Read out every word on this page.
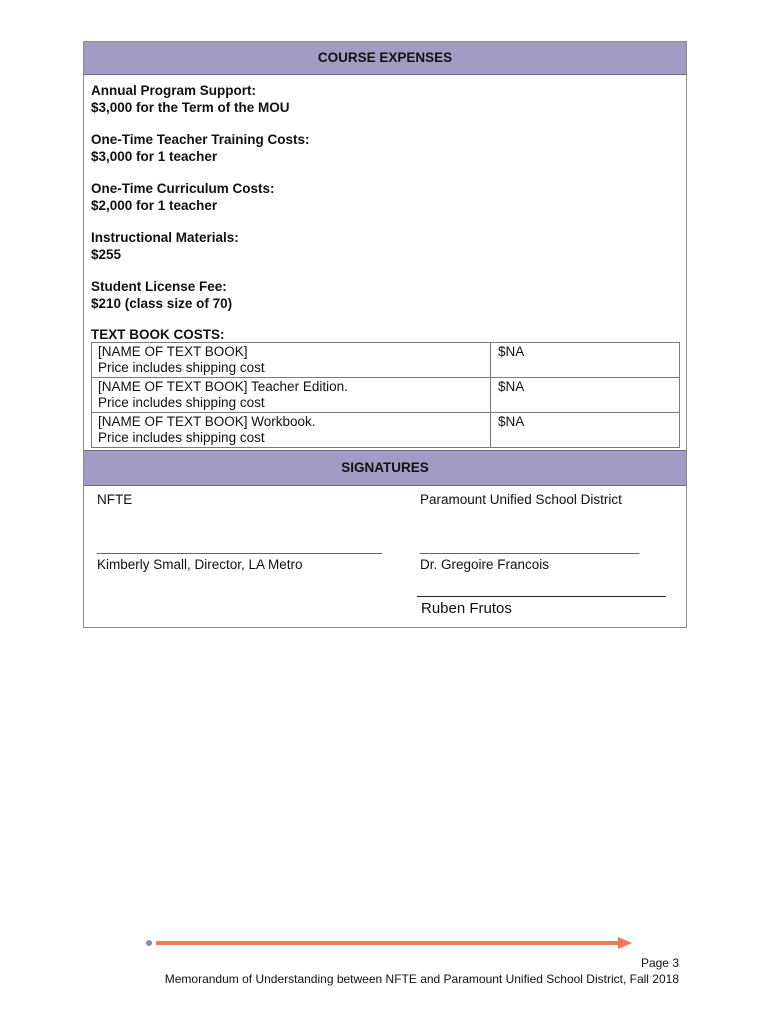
COURSE EXPENSES
Annual Program Support:
$3,000 for the Term of the MOU
One-Time Teacher Training Costs:
$3,000 for 1 teacher
One-Time Curriculum Costs:
$2,000 for 1 teacher
Instructional Materials:
$255
Student License Fee:
$210 (class size of 70)
TEXT BOOK COSTS:
[NAME OF TEXT BOOK]
Price includes shipping cost	$NA

[NAME OF TEXT BOOK] Teacher Edition.
Price includes shipping cost	$NA

[NAME OF TEXT BOOK] Workbook.
Price includes shipping cost	$NA
SIGNATURES
NFTE	Paramount Unified School District
_______________________________________	______________________________
Kimberly Small, Director, LA Metro	Dr. Gregoire Francois
Ruben Frutos
Page 3
Memorandum of Understanding between NFTE and Paramount Unified School District, Fall 2018
